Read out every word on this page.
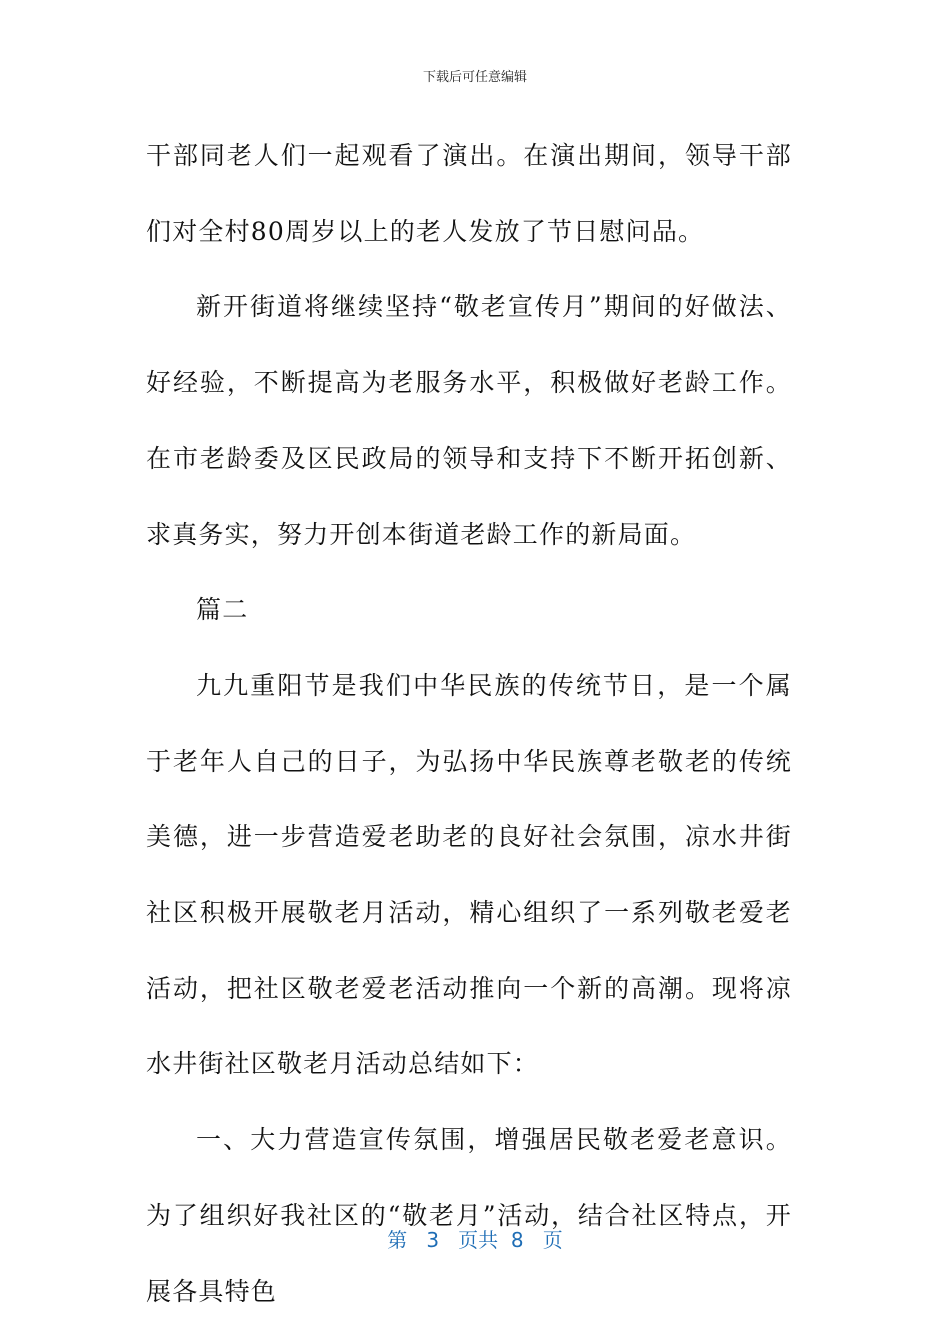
下载后可任意编辑

干部同老人们一起观看了演出。在演出期间，领导干部们对全村80周岁以上的老人发放了节日慰问品。

新开街道将继续坚持“敬老宣传月”期间的好做法、好经验，不断提高为老服务水平，积极做好老龄工作。在市老龄委及区民政局的领导和支持下不断开拓创新、求真务实，努力开创本街道老龄工作的新局面。

篇二

九九重阳节是我们中华民族的传统节日，是一个属于老年人自己的日子，为弘扬中华民族尊老敬老的传统美德，进一步营造爱老助老的良好社会氛围，凉水井街社区积极开展敬老月活动，精心组织了一系列敬老爱老活动，把社区敬老爱老活动推向一个新的高潮。现将凉水井街社区敬老月活动总结如下：

一、大力营造宣传氛围，增强居民敬老爱老意识。为了组织好我社区的“敬老月”活动，结合社区特点，开展各具特色

第 3 页共 8 页
